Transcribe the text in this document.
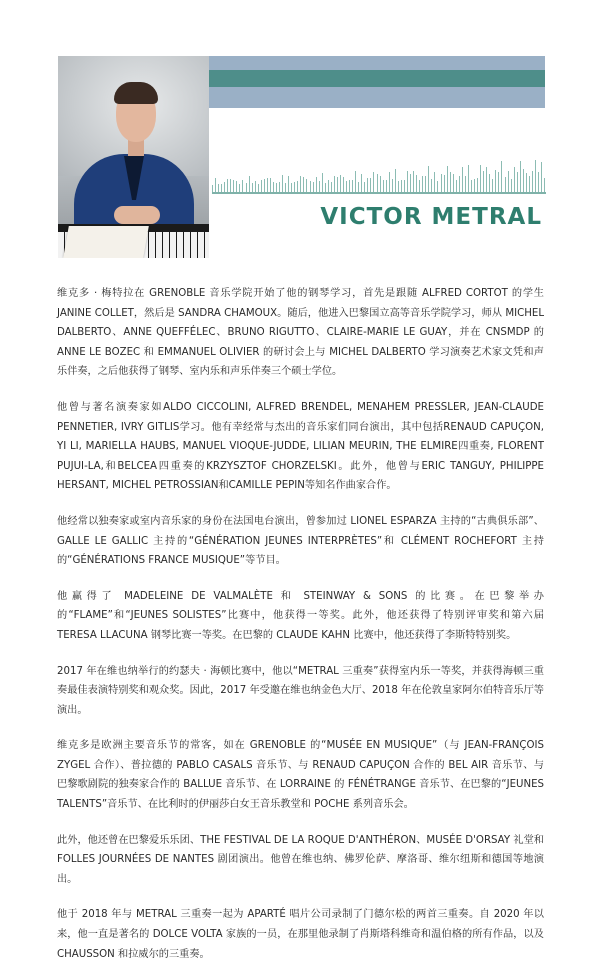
VICTOR METRAL

维克多 · 梅特拉在 GRENOBLE 音乐学院开始了他的钢琴学习，首先是跟随 ALFRED CORTOT 的学生 JANINE COLLET，然后是 SANDRA CHAMOUX。随后，他进入巴黎国立高等音乐学院学习，师从 MICHEL DALBERTO、ANNE QUEFFÉLEC、BRUNO RIGUTTO、CLAIRE-MARIE LE GUAY，并在 CNSMDP 的 ANNE LE BOZEC 和 EMMANUEL OLIVIER 的研讨会上与 MICHEL DALBERTO 学习演奏艺术家文凭和声乐伴奏，之后他获得了钢琴、室内乐和声乐伴奏三个硕士学位。

他曾与著名演奏家如ALDO CICCOLINI, ALFRED BRENDEL, MENAHEM PRESSLER, JEAN-CLAUDE PENNETIER, IVRY GITLIS学习。他有幸经常与杰出的音乐家们同台演出，其中包括RENAUD CAPUÇON, YI LI, MARIELLA HAUBS, MANUEL VIOQUE-JUDDE, LILIAN MEURIN, THE ELMIRE四重奏, FLORENT PUJUI-LA,和BELCEA四重奏的KRZYSZTOF CHORZELSKI。此外，他曾与ERIC TANGUY, PHILIPPE HERSANT, MICHEL PETROSSIAN和CAMILLE PEPIN等知名作曲家合作。

他经常以独奏家或室内音乐家的身份在法国电台演出，曾参加过 LIONEL ESPARZA 主持的“古典俱乐部”、GALLE LE GALLIC 主持的“GÉNÉRATION JEUNES INTERPRÈTES”和 CLÉMENT ROCHEFORT 主持的“GÉNÉRATIONS FRANCE MUSIQUE”等节目。

他赢得了 MADELEINE DE VALMALÈTE 和 STEINWAY & SONS 的比赛。在巴黎举办的“FLAME”和“JEUNES SOLISTES”比赛中，他获得一等奖。此外，他还获得了特别评审奖和第六届 TERESA LLACUNA 钢琴比赛一等奖。在巴黎的 CLAUDE KAHN 比赛中，他还获得了李斯特特别奖。

2017 年在维也纳举行的约瑟夫 · 海顿比赛中，他以“METRAL 三重奏”获得室内乐一等奖，并获得海顿三重奏最佳表演特别奖和观众奖。因此，2017 年受邀在维也纳金色大厅、2018 年在伦敦皇家阿尔伯特音乐厅等演出。

维克多是欧洲主要音乐节的常客，如在 GRENOBLE 的“MUSÉE EN MUSIQUE”（与 JEAN-FRANÇOIS ZYGEL 合作）、普拉德的 PABLO CASALS 音乐节、与 RENAUD CAPUÇON 合作的 BEL AIR 音乐节、与巴黎歌剧院的独奏家合作的 BALLUE 音乐节、在 LORRAINE 的 FÉNÉTRANGE 音乐节、在巴黎的“JEUNES TALENTS”音乐节、在比利时的伊丽莎白女王音乐教堂和 POCHE 系列音乐会。

此外，他还曾在巴黎爱乐乐团、THE FESTIVAL DE LA ROQUE D'ANTHÉRON、MUSÉE D'ORSAY 礼堂和 FOLLES JOURNÉES DE NANTES 剧团演出。他曾在维也纳、佛罗伦萨、摩洛哥、维尔纽斯和德国等地演出。

他于 2018 年与 METRAL 三重奏一起为 APARTÉ 唱片公司录制了门德尔松的两首三重奏。自 2020 年以来，他一直是著名的 DOLCE VOLTA 家族的一员，在那里他录制了肖斯塔科维奇和温伯格的所有作品，以及 CHAUSSON 和拉威尔的三重奏。
